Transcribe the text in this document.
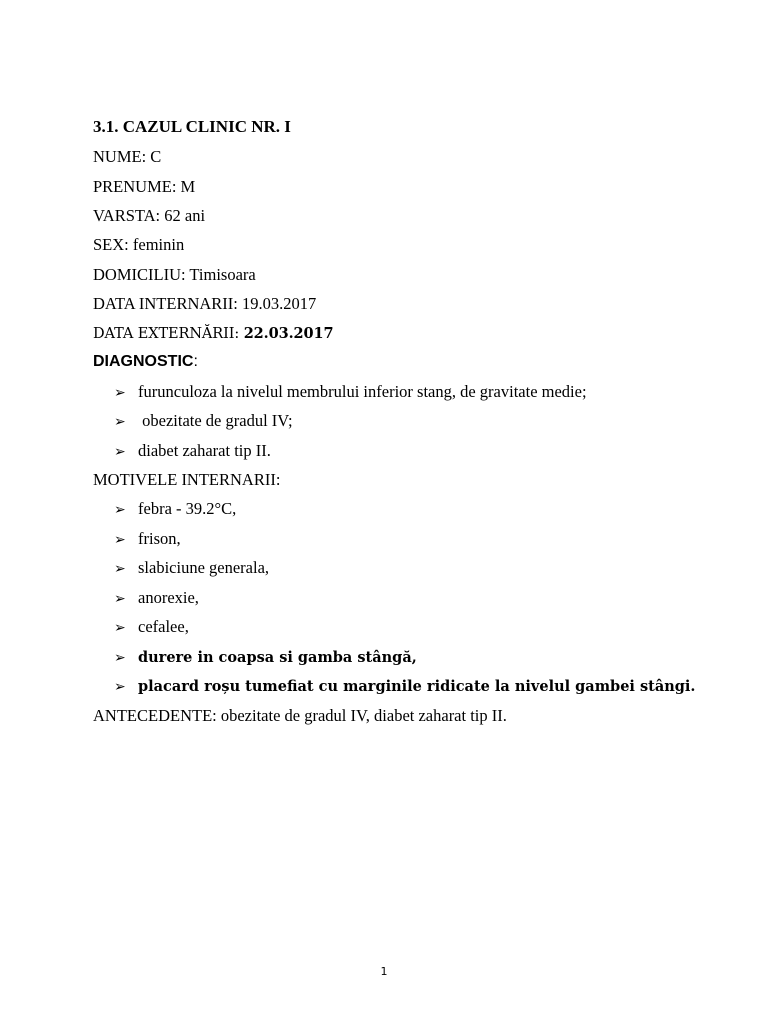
3.1. CAZUL CLINIC NR. I
NUME: C
PRENUME: M
VARSTA: 62 ani
SEX: feminin
DOMICILIU: Timisoara
DATA INTERNARII: 19.03.2017
DATA EXTERNĂRII: 22.03.2017
DIAGNOSTIC:
➢ furunculoza la nivelul membrului inferior stang, de gravitate medie;
➢ obezitate de gradul IV;
➢ diabet zaharat tip II.
MOTIVELE INTERNARII:
➢ febra - 39.2°C,
➢ frison,
➢ slabiciune generala,
➢ anorexie,
➢ cefalee,
➢ durere in coapsa si gamba stângă,
➢ placard roșu tumefiat cu marginile ridicate la nivelul gambei stângi.
ANTECEDENTE: obezitate de gradul IV, diabet zaharat tip II.
1
